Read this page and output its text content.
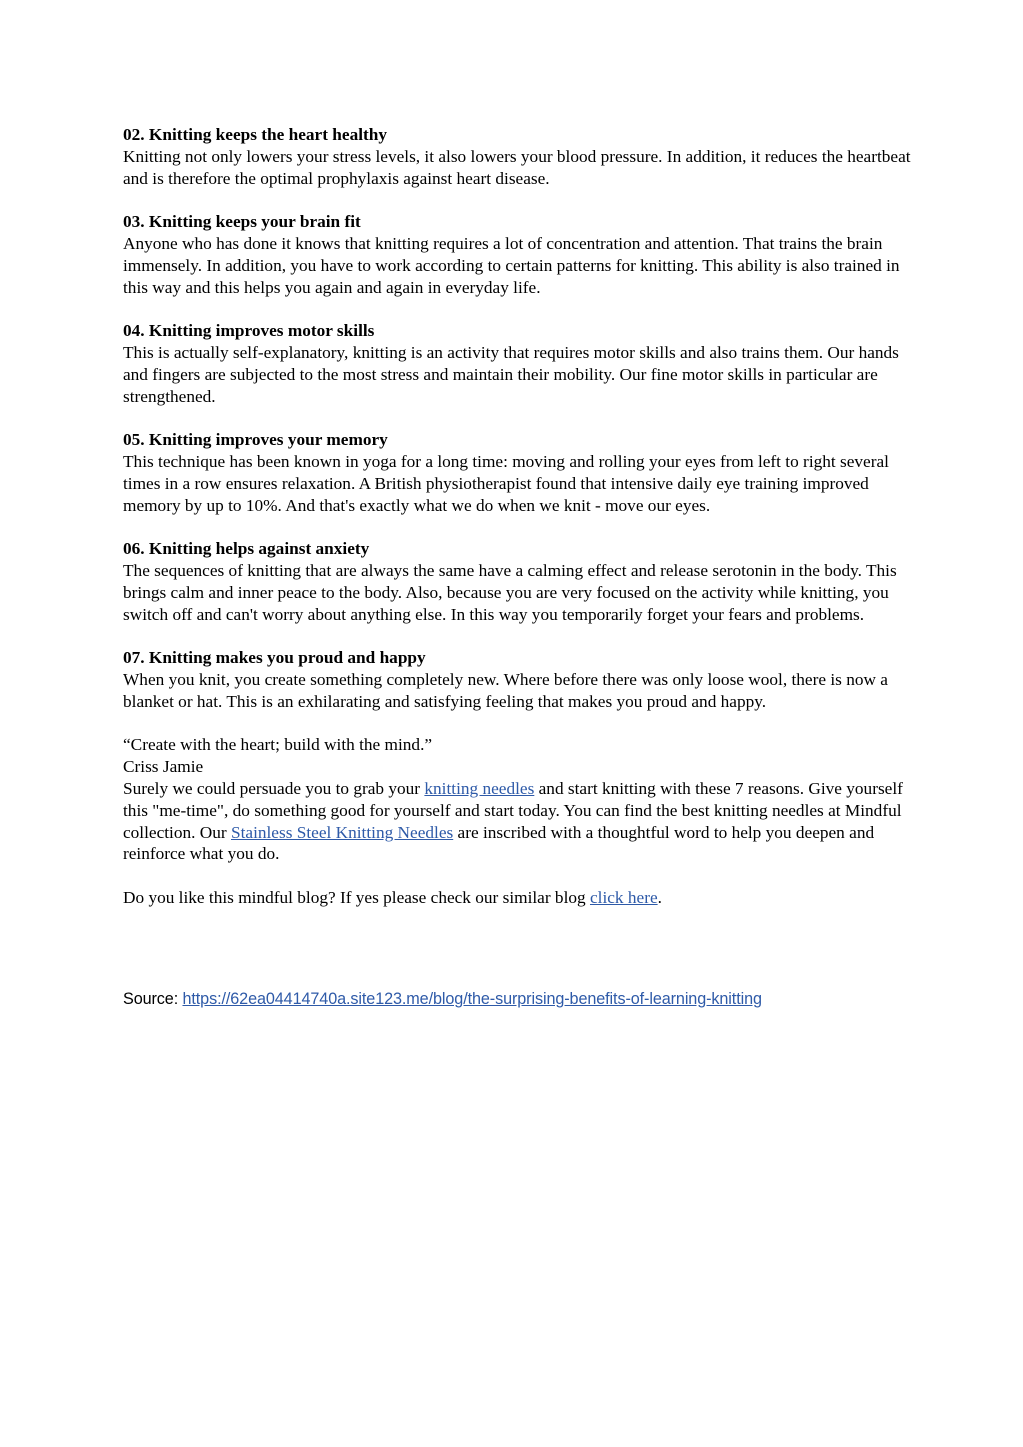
02. Knitting keeps the heart healthy

Knitting not only lowers your stress levels, it also lowers your blood pressure. In addition, it reduces the heartbeat and is therefore the optimal prophylaxis against heart disease.

03. Knitting keeps your brain fit

Anyone who has done it knows that knitting requires a lot of concentration and attention. That trains the brain immensely. In addition, you have to work according to certain patterns for knitting. This ability is also trained in this way and this helps you again and again in everyday life.

04. Knitting improves motor skills

This is actually self-explanatory, knitting is an activity that requires motor skills and also trains them. Our hands and fingers are subjected to the most stress and maintain their mobility. Our fine motor skills in particular are strengthened.

05. Knitting improves your memory

This technique has been known in yoga for a long time: moving and rolling your eyes from left to right several times in a row ensures relaxation. A British physiotherapist found that intensive daily eye training improved memory by up to 10%. And that's exactly what we do when we knit - move our eyes.

06. Knitting helps against anxiety

The sequences of knitting that are always the same have a calming effect and release serotonin in the body. This brings calm and inner peace to the body. Also, because you are very focused on the activity while knitting, you switch off and can't worry about anything else. In this way you temporarily forget your fears and problems.

07. Knitting makes you proud and happy

When you knit, you create something completely new. Where before there was only loose wool, there is now a blanket or hat. This is an exhilarating and satisfying feeling that makes you proud and happy.

“Create with the heart; build with the mind.”

Criss Jamie

Surely we could persuade you to grab your knitting needles and start knitting with these 7 reasons. Give yourself this "me-time", do something good for yourself and start today. You can find the best knitting needles at Mindful collection. Our Stainless Steel Knitting Needles are inscribed with a thoughtful word to help you deepen and reinforce what you do.

Do you like this mindful blog? If yes please check our similar blog click here.

Source: https://62ea04414740a.site123.me/blog/the-surprising-benefits-of-learning-knitting
